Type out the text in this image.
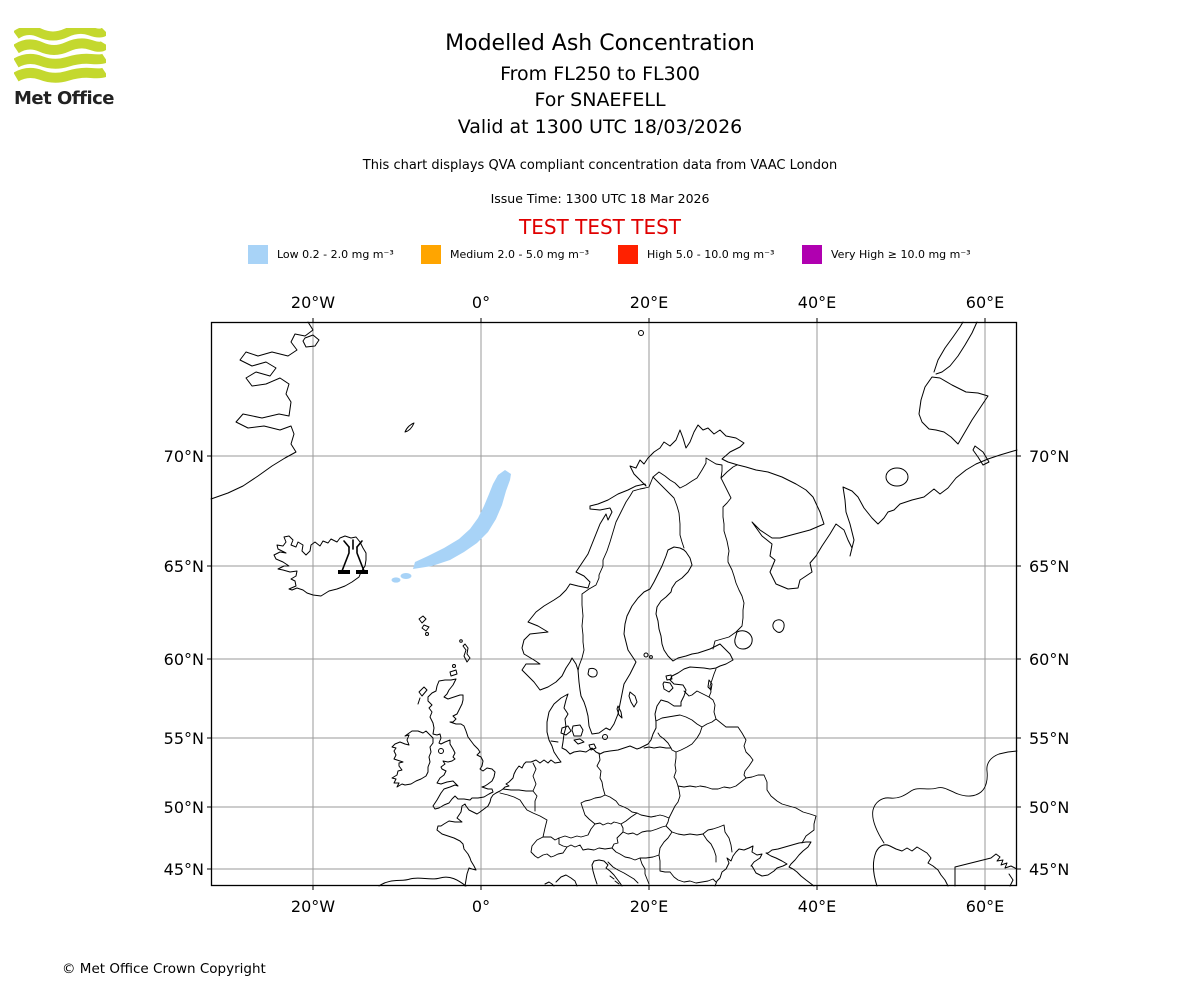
Met Office
Modelled Ash Concentration
From FL250 to FL300
For SNAEFELL
Valid at 1300 UTC 18/03/2026
This chart displays QVA compliant concentration data from VAAC London
Issue Time: 1300 UTC 18 Mar 2026
TEST TEST TEST
Low 0.2 - 2.0 mg m⁻³	Medium 2.0 - 5.0 mg m⁻³	High 5.0 - 10.0 mg m⁻³	Very High ≥ 10.0 mg m⁻³
20°W	0°	20°E	40°E	60°E
20°W	0°	20°E	40°E	60°E
70°N
65°N
60°N
55°N
50°N
45°N
70°N
65°N
60°N
55°N
50°N
45°N
© Met Office Crown Copyright
